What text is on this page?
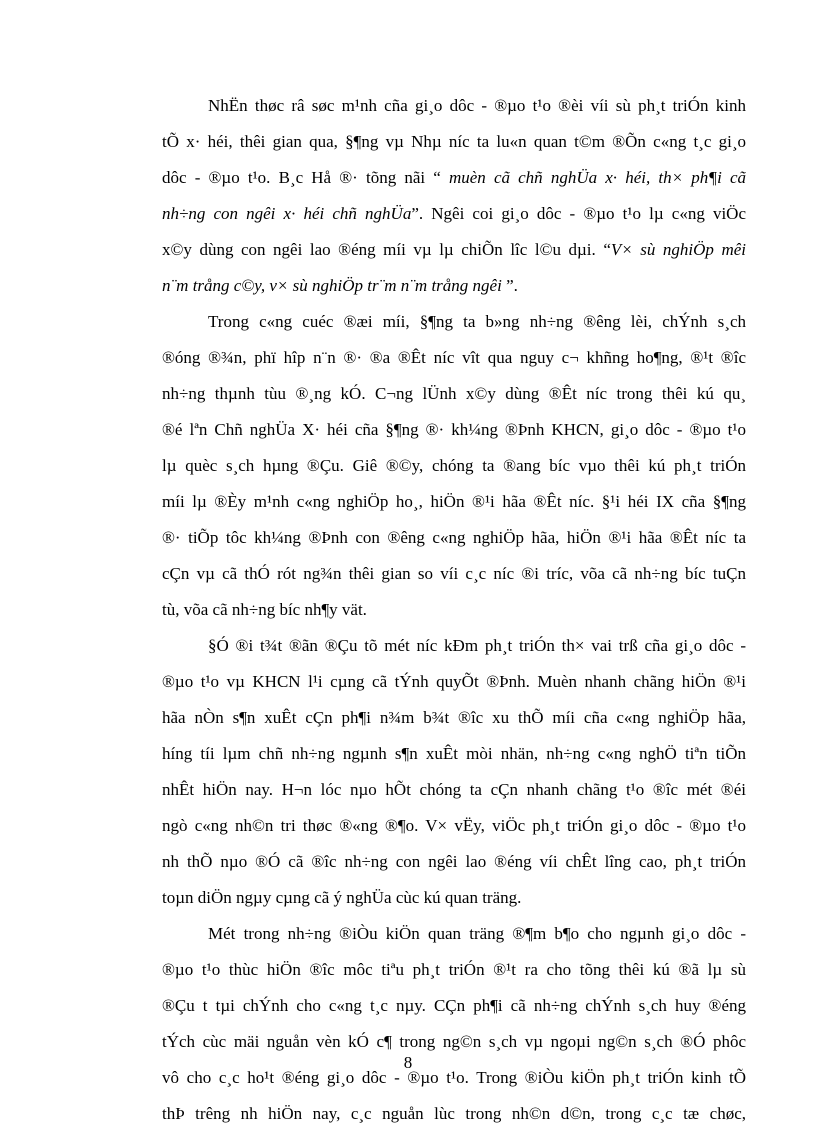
NhËn thøc râ søc m¹nh cña gi¸o dôc - ®µo t¹o ®èi víi sù ph¸t triÓn kinh
tÕ x· héi, thêi gian qua, §¶ng vµ Nhµ níc ta lu«n quan t©m ®Õn c«ng t¸c gi¸o
dôc - ®µo t¹o. B¸c Hå ®· tõng nãi “ muèn cã chñ nghÜa x· héi, th× ph¶i cã
nh÷ng con ngêi x· héi chñ nghÜa”. Ngêi coi gi¸o dôc - ®µo t¹o lµ c«ng viÖc
x©y dùng con ngêi lao ®éng míi vµ lµ chiÕn lîc l©u dµi. “V× sù nghiÖp mêi
n¨m trång c©y, v× sù nghiÖp tr¨m n¨m trång ngêi ”.
Trong c«ng cuéc ®æi míi, §¶ng ta b»ng nh÷ng ®êng lèi, chÝnh s¸ch
®óng ®¾n, phï hîp n¨n ®· ®a ®Êt níc vît qua nguy c¬ khñng ho¶ng, ®¹t ®îc
nh÷ng thµnh tùu ®¸ng kÓ. C¬ng lÜnh x©y dùng ®Êt níc trong thêi kú qu¸
®é lªn Chñ nghÜa X· héi cña §¶ng ®· kh¼ng ®Þnh KHCN, gi¸o dôc - ®µo t¹o
lµ quèc s¸ch hµng ®Çu. Giê ®©y, chóng ta ®ang bíc vµo thêi kú ph¸t triÓn
míi lµ ®Èy m¹nh c«ng nghiÖp ho¸, hiÖn ®¹i hãa ®Êt níc. §¹i héi IX cña §¶ng
®· tiÕp tôc kh¼ng ®Þnh con ®êng c«ng nghiÖp hãa, hiÖn ®¹i hãa ®Êt níc ta
cÇn vµ cã thÓ rót ng¾n thêi gian so víi c¸c níc ®i tríc, võa cã nh÷ng bíc tuÇn
tù, võa cã nh÷ng bíc nh¶y vät.
§Ó ®i t¾t ®ãn ®Çu tõ mét níc kÐm ph¸t triÓn th× vai trß cña gi¸o dôc -
®µo t¹o vµ KHCN l¹i cµng cã tÝnh quyÕt ®Þnh. Muèn nhanh chãng hiÖn ®¹i
hãa nÒn s¶n xuÊt cÇn ph¶i n¾m b¾t ®îc xu thÕ míi cña c«ng nghiÖp hãa,
híng tíi lµm chñ nh÷ng ngµnh s¶n xuÊt mòi nhän, nh÷ng c«ng nghÖ tiªn tiÕn
nhÊt hiÖn nay. H¬n lóc nµo hÕt chóng ta cÇn nhanh chãng t¹o ®îc mét ®éi
ngò c«ng nh©n tri thøc ®«ng ®¶o. V× vËy, viÖc ph¸t triÓn gi¸o dôc - ®µo t¹o
nh thÕ nµo ®Ó cã ®îc nh÷ng con ngêi lao ®éng víi chÊt lîng cao, ph¸t triÓn
toµn diÖn ngµy cµng cã ý nghÜa cùc kú quan träng.
Mét trong nh÷ng ®iÒu kiÖn quan träng ®¶m b¶o cho ngµnh gi¸o dôc -
®µo t¹o thùc hiÖn ®îc môc tiªu ph¸t triÓn ®¹t ra cho tõng thêi kú ®ã lµ sù
®Çu t tµi chÝnh cho c«ng t¸c nµy. CÇn ph¶i cã nh÷ng chÝnh s¸ch huy ®éng
tÝch cùc mäi nguån vèn kÓ c¶ trong ng©n s¸ch vµ ngoµi ng©n s¸ch ®Ó phôc
vô cho c¸c ho¹t ®éng gi¸o dôc - ®µo t¹o. Trong ®iÒu kiÖn ph¸t triÓn kinh tÕ
thÞ trêng nh hiÖn nay, c¸c nguån lùc trong nh©n d©n, trong c¸c tæ chøc,
8
